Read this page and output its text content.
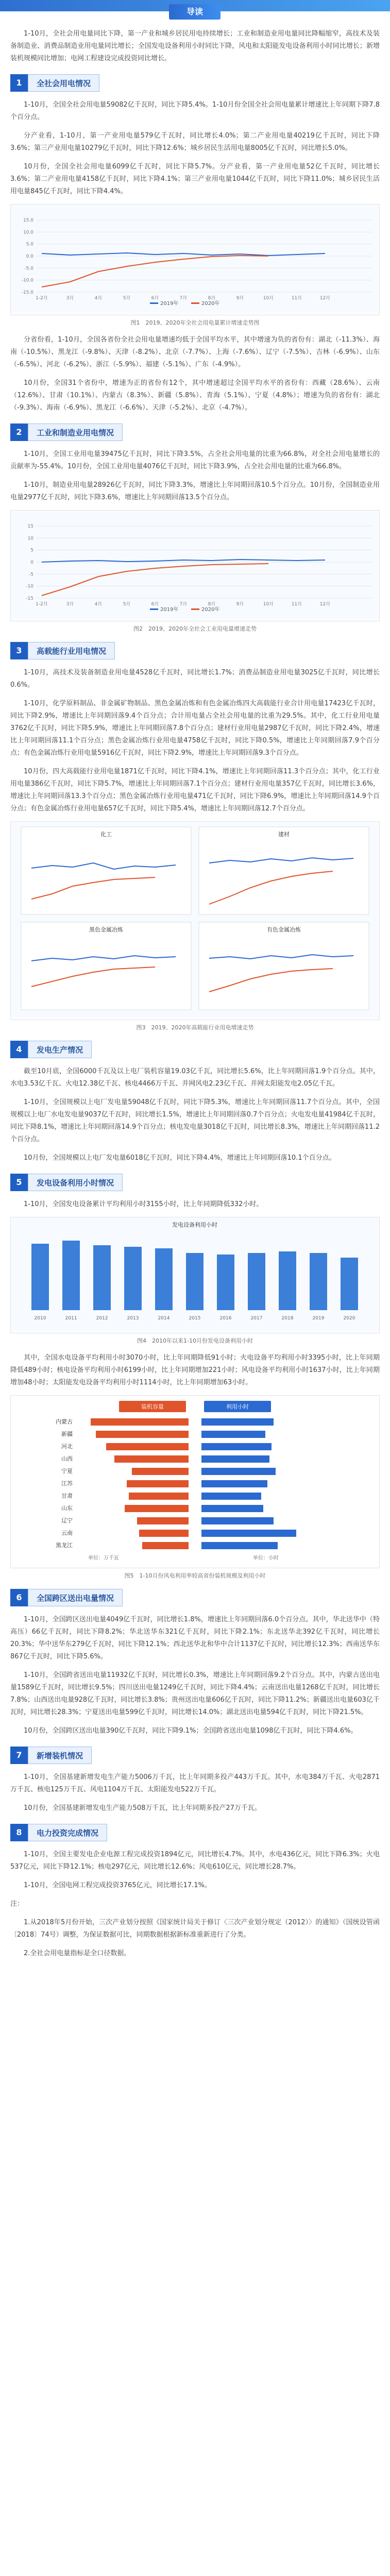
导读

1-10月，全社会用电量同比下降，第一产业和城乡居民用电持续增长；工业和制造业用电量同比降幅缩窄，高技术及装备制造业、消费品制造业用电量同比增长；全国发电设备利用小时同比下降，风电和太阳能发电设备利用小时同比增长；新增装机规模同比增加；电网工程建设完成投资同比增长。

1	全社会用电情况

1-10月，全国全社会用电量59082亿千瓦时，同比下降5.4%。1-10月份全国全社会用电量累计增速比上年同期下降7.8个百分点。

分产业看，1-10月，第一产业用电量579亿千瓦时，同比增长4.0%；第二产业用电量40219亿千瓦时，同比下降3.6%；第三产业用电量10279亿千瓦时，同比下降12.6%；城乡居民生活用电量8005亿千瓦时，同比增长5.0%。

10月份，全国全社会用电量6099亿千瓦时，同比下降5.7%。分产业看，第一产业用电量52亿千瓦时，同比增长3.6%；第二产业用电量4158亿千瓦时，同比下降4.1%；第三产业用电量1044亿千瓦时，同比下降11.0%；城乡居民生活用电量845亿千瓦时，同比下降4.4%。

1-2月	3月	4月	5月	6月	7月	8月	9月	10月	11月	12月
15.0
10.0
5.0
0.0
-5.0
-10.0
-15.0
2019年	2020年
图1　2019、2020年全社会用电量累计增速走势图

分省份看，1-10月，全国各省份全社会用电量增速均低于全国平均水平，其中增速为负的省份有：湖北（-11.3%）、海南（-10.5%）、黑龙江（-9.8%）、天津（-8.2%）、北京（-7.7%）、上海（-7.6%）、辽宁（-7.5%）、吉林（-6.9%）、山东（-6.5%）、河北（-6.2%）、浙江（-5.9%）、福建（-5.1%）、广东（-4.9%）。

10月份，全国31个省份中，增速为正的省份有12个，其中增速超过全国平均水平的省份有：西藏（28.6%）、云南（12.6%）、甘肃（10.1%）、内蒙古（8.3%）、新疆（5.8%）、青海（5.1%）、宁夏（4.8%）；增速为负的省份有：湖北（-9.3%）、海南（-6.9%）、黑龙江（-6.6%）、天津（-5.2%）、北京（-4.7%）。

2	工业和制造业用电情况

1-10月，全国工业用电量39475亿千瓦时，同比下降3.5%，占全社会用电量的比重为66.8%，对全社会用电量增长的贡献率为-55.4%。10月份，全国工业用电量4076亿千瓦时，同比下降3.9%，占全社会用电量的比重为66.8%。

1-10月，制造业用电量28926亿千瓦时，同比下降3.3%，增速比上年同期回落10.5个百分点。10月份，全国制造业用电量2977亿千瓦时，同比下降3.6%，增速比上年同期回落13.5个百分点。

1-2月	3月	4月	5月	6月	7月	8月	9月	10月	11月	12月
15
10
5
0
-5
-10
-15
2019年	2020年
图2　2019、2020年全社会工业用电量增速走势
3	高载能行业用电情况

1-10月，高技术及装备制造业用电量4528亿千瓦时，同比增长1.7%；消费品制造业用电量3025亿千瓦时，同比增长0.6%。

1-10月，化学原料制品、非金属矿物制品、黑色金属冶炼和有色金属冶炼四大高载能行业合计用电量17423亿千瓦时，同比下降2.9%，增速比上年同期回落9.4个百分点；合计用电量占全社会用电量的比重为29.5%。其中，化工行业用电量3762亿千瓦时，同比下降5.9%，增速比上年同期回落7.8个百分点；建材行业用电量2987亿千瓦时，同比下降2.4%，增速比上年同期回落11.1个百分点；黑色金属冶炼行业用电量4758亿千瓦时，同比下降0.5%，增速比上年同期回落7.9个百分点；有色金属冶炼行业用电量5916亿千瓦时，同比下降2.9%，增速比上年同期回落9.3个百分点。

10月份，四大高载能行业用电量1871亿千瓦时，同比下降4.1%，增速比上年同期回落11.3个百分点；其中，化工行业用电量386亿千瓦时，同比下降5.7%，增速比上年同期回落7.1个百分点；建材行业用电量357亿千瓦时，同比增长3.6%，增速比上年同期回落13.3个百分点；黑色金属冶炼行业用电量471亿千瓦时，同比下降6.9%，增速比上年同期回落14.9个百分点；有色金属冶炼行业用电量657亿千瓦时，同比下降5.4%，增速比上年同期回落12.7个百分点。

化工	建材
黑色金属冶炼	有色金属冶炼
图3　2019、2020年高载能行业用电增速走势
4	发电生产情况

截至10月底，全国6000千瓦及以上电厂装机容量19.03亿千瓦，同比增长5.6%，比上年同期回落1.9个百分点。其中，水电3.53亿千瓦、火电12.38亿千瓦、核电4466万千瓦、并网风电2.23亿千瓦、并网太阳能发电2.05亿千瓦。

1-10月，全国规模以上电厂发电量59048亿千瓦时，同比下降5.3%，增速比上年同期回落11.7个百分点。其中，全国规模以上电厂水电发电量9037亿千瓦时，同比增长1.5%，增速比上年同期回落0.7个百分点；火电发电量41984亿千瓦时，同比下降8.1%，增速比上年同期回落14.9个百分点；核电发电量3018亿千瓦时，同比增长8.3%，增速比上年同期回落11.2个百分点。

10月份，全国规模以上电厂发电量6018亿千瓦时，同比下降4.4%，增速比上年同期回落10.1个百分点。

5	发电设备利用小时情况

1-10月，全国发电设备累计平均利用小时3155小时，比上年同期降低332小时。

发电设备利用小时
2010	2011	2012	2013	2014	2015	2016	2017	2018	2019	2020
图4　2010年以来1-10月份发电设备利用小时

其中，全国水电设备平均利用小时3070小时，比上年同期降低91小时；火电设备平均利用小时3395小时，比上年同期降低489小时；核电设备平均利用小时6199小时，比上年同期增加221小时；风电设备平均利用小时1637小时，比上年同期增加48小时；太阳能发电设备平均利用小时1114小时，比上年同期增加63小时。

装机容量	利用小时
内蒙古
新疆
河北
山西
宁夏
江苏
甘肃
山东
辽宁
云南
黑龙江
单位：万千瓦	单位：小时
图5　1-10月份风电利用率较高省份装机规模及利用小时
6	全国跨区送出电量情况

1-10月，全国跨区送出电量4049亿千瓦时，同比增长1.8%，增速比上年同期回落6.0个百分点。其中，华北送华中（特高压）66亿千瓦时，同比下降8.2%；华北送华东321亿千瓦时，同比下降2.1%；东北送华北392亿千瓦时，同比增长20.3%；华中送华东279亿千瓦时，同比下降12.1%；西北送华北和华中合计1137亿千瓦时，同比增长12.3%；西南送华东867亿千瓦时，同比下降5.6%。

1-10月，全国跨省送出电量11932亿千瓦时，同比增长0.3%，增速比上年同期回落9.2个百分点。其中，内蒙古送出电量1589亿千瓦时，同比增长9.5%；四川送出电量1249亿千瓦时，同比下降4.4%；云南送出电量1268亿千瓦时，同比增长7.8%；山西送出电量928亿千瓦时，同比增长3.8%；贵州送出电量606亿千瓦时，同比下降11.2%；新疆送出电量603亿千瓦时，同比增长28.3%；宁夏送出电量599亿千瓦时，同比增长14.0%；湖北送出电量594亿千瓦时，同比下降21.5%。

10月份，全国跨区送出电量390亿千瓦时，同比下降9.1%；全国跨省送出电量1098亿千瓦时，同比下降4.6%。

7	新增装机情况

1-10月，全国基建新增发电生产能力5006万千瓦，比上年同期多投产443万千瓦。其中，水电384万千瓦、火电2871万千瓦、核电125万千瓦、风电1104万千瓦、太阳能发电522万千瓦。

10月份，全国基建新增发电生产能力508万千瓦，比上年同期多投产27万千瓦。

8	电力投资完成情况

1-10月，全国主要发电企业电源工程完成投资1894亿元，同比增长4.7%。其中，水电436亿元，同比下降6.3%；火电537亿元，同比下降12.1%；核电297亿元，同比增长12.6%；风电610亿元，同比增长28.7%。

1-10月，全国电网工程完成投资3765亿元，同比增长17.1%。

注：

1.从2018年5月份开始，三次产业划分按照《国家统计局关于修订〈三次产业划分规定（2012）〉的通知》（国统设管函〔2018〕74号）调整，为保证数据可比，同期数据根据新标准重新进行了分类。

2.全社会用电量指标是全口径数据。
